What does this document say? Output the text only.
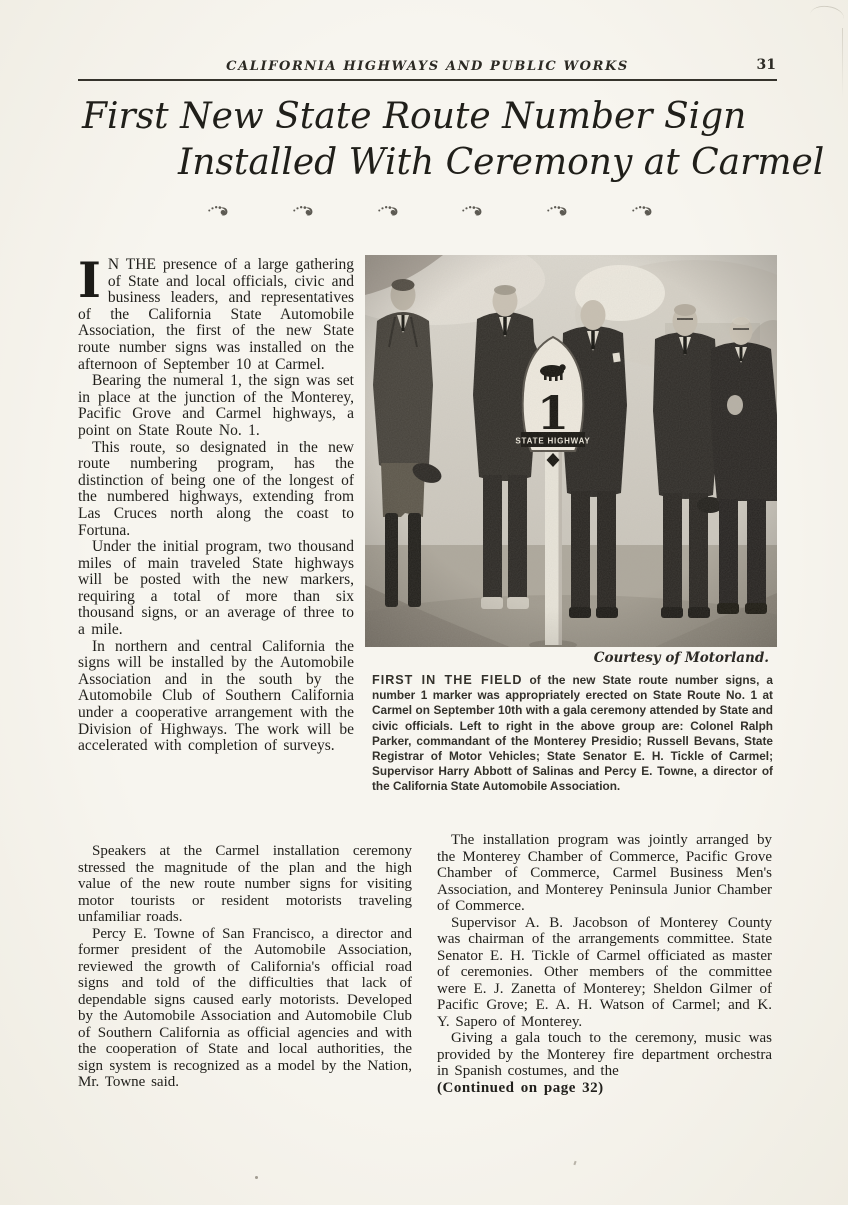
CALIFORNIA HIGHWAYS AND PUBLIC WORKS	31
First New State Route Number Sign
Installed With Ceremony at Carmel

I N THE presence of a large gathering of State and local officials, civic and business leaders, and representatives of the California State Automobile Association, the first of the new State route number signs was installed on the afternoon of September 10 at Carmel.

Bearing the numeral 1, the sign was set in place at the junction of the Monterey, Pacific Grove and Carmel highways, a point on State Route No. 1.

This route, so designated in the new route numbering program, has the distinction of being one of the longest of the numbered highways, extending from Las Cruces north along the coast to Fortuna.

Under the initial program, two thousand miles of main traveled State highways will be posted with the new markers, requiring a total of more than six thousand signs, or an average of three to a mile.

In northern and central California the signs will be installed by the Automobile Association and in the south by the Automobile Club of Southern California under a cooperative arrangement with the Division of Highways. The work will be accelerated with completion of surveys.

Courtesy of Motorland.
FIRST IN THE FIELD of the new State route number signs, a number 1 marker was appropriately erected on State Route No. 1 at Carmel on September 10th with a gala ceremony attended by State and civic officials. Left to right in the above group are: Colonel Ralph Parker, commandant of the Monterey Presidio; Russell Bevans, State Registrar of Motor Vehicles; State Senator E. H. Tickle of Carmel; Supervisor Harry Abbott of Salinas and Percy E. Towne, a director of the California State Automobile Association.

Speakers at the Carmel installation ceremony stressed the magnitude of the plan and the high value of the new route number signs for visiting motor tourists or resident motorists traveling unfamiliar roads.

Percy E. Towne of San Francisco, a director and former president of the Automobile Association, reviewed the growth of California's official road signs and told of the difficulties that lack of dependable signs caused early motorists. Developed by the Automobile Association and Automobile Club of Southern California as official agencies and with the cooperation of State and local authorities, the sign system is recognized as a model by the Nation, Mr. Towne said.

The installation program was jointly arranged by the Monterey Chamber of Commerce, Pacific Grove Chamber of Commerce, Carmel Business Men's Association, and Monterey Peninsula Junior Chamber of Commerce.

Supervisor A. B. Jacobson of Monterey County was chairman of the arrangements committee. State Senator E. H. Tickle of Carmel officiated as master of ceremonies. Other members of the committee were E. J. Zanetta of Monterey; Sheldon Gilmer of Pacific Grove; E. A. H. Watson of Carmel; and K. Y. Sapero of Monterey.

Giving a gala touch to the ceremony, music was provided by the Monterey fire department orchestra in Spanish costumes, and the

(Continued on page 32)
